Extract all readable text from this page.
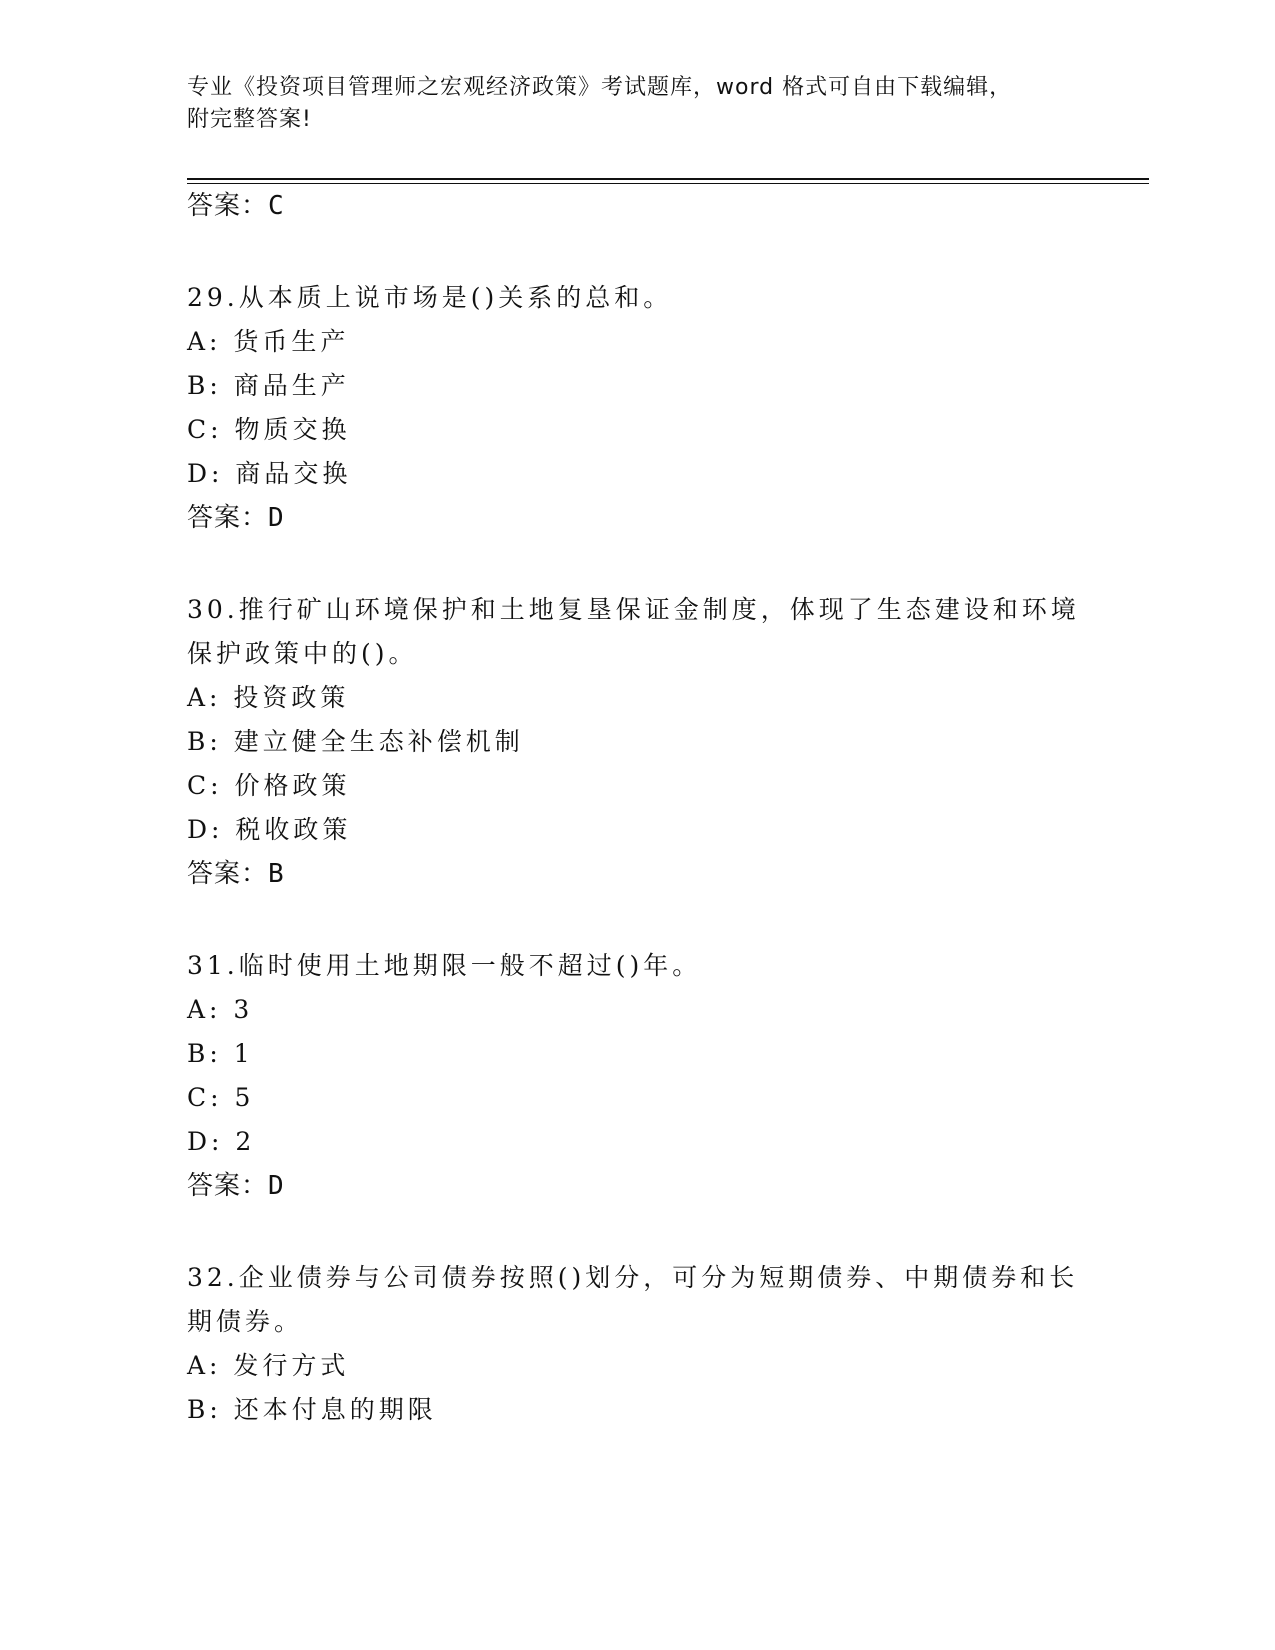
专业《投资项目管理师之宏观经济政策》考试题库，word 格式可自由下载编辑，
附完整答案!
答案：C
29.从本质上说市场是()关系的总和。
A: 货币生产
B: 商品生产
C: 物质交换
D: 商品交换
答案：D
30.推行矿山环境保护和土地复垦保证金制度，体现了生态建设和环境
保护政策中的()。
A: 投资政策
B: 建立健全生态补偿机制
C: 价格政策
D: 税收政策
答案：B
31.临时使用土地期限一般不超过()年。
A: 3
B: 1
C: 5
D: 2
答案：D
32.企业债券与公司债券按照()划分，可分为短期债券、中期债券和长
期债券。
A: 发行方式
B: 还本付息的期限
